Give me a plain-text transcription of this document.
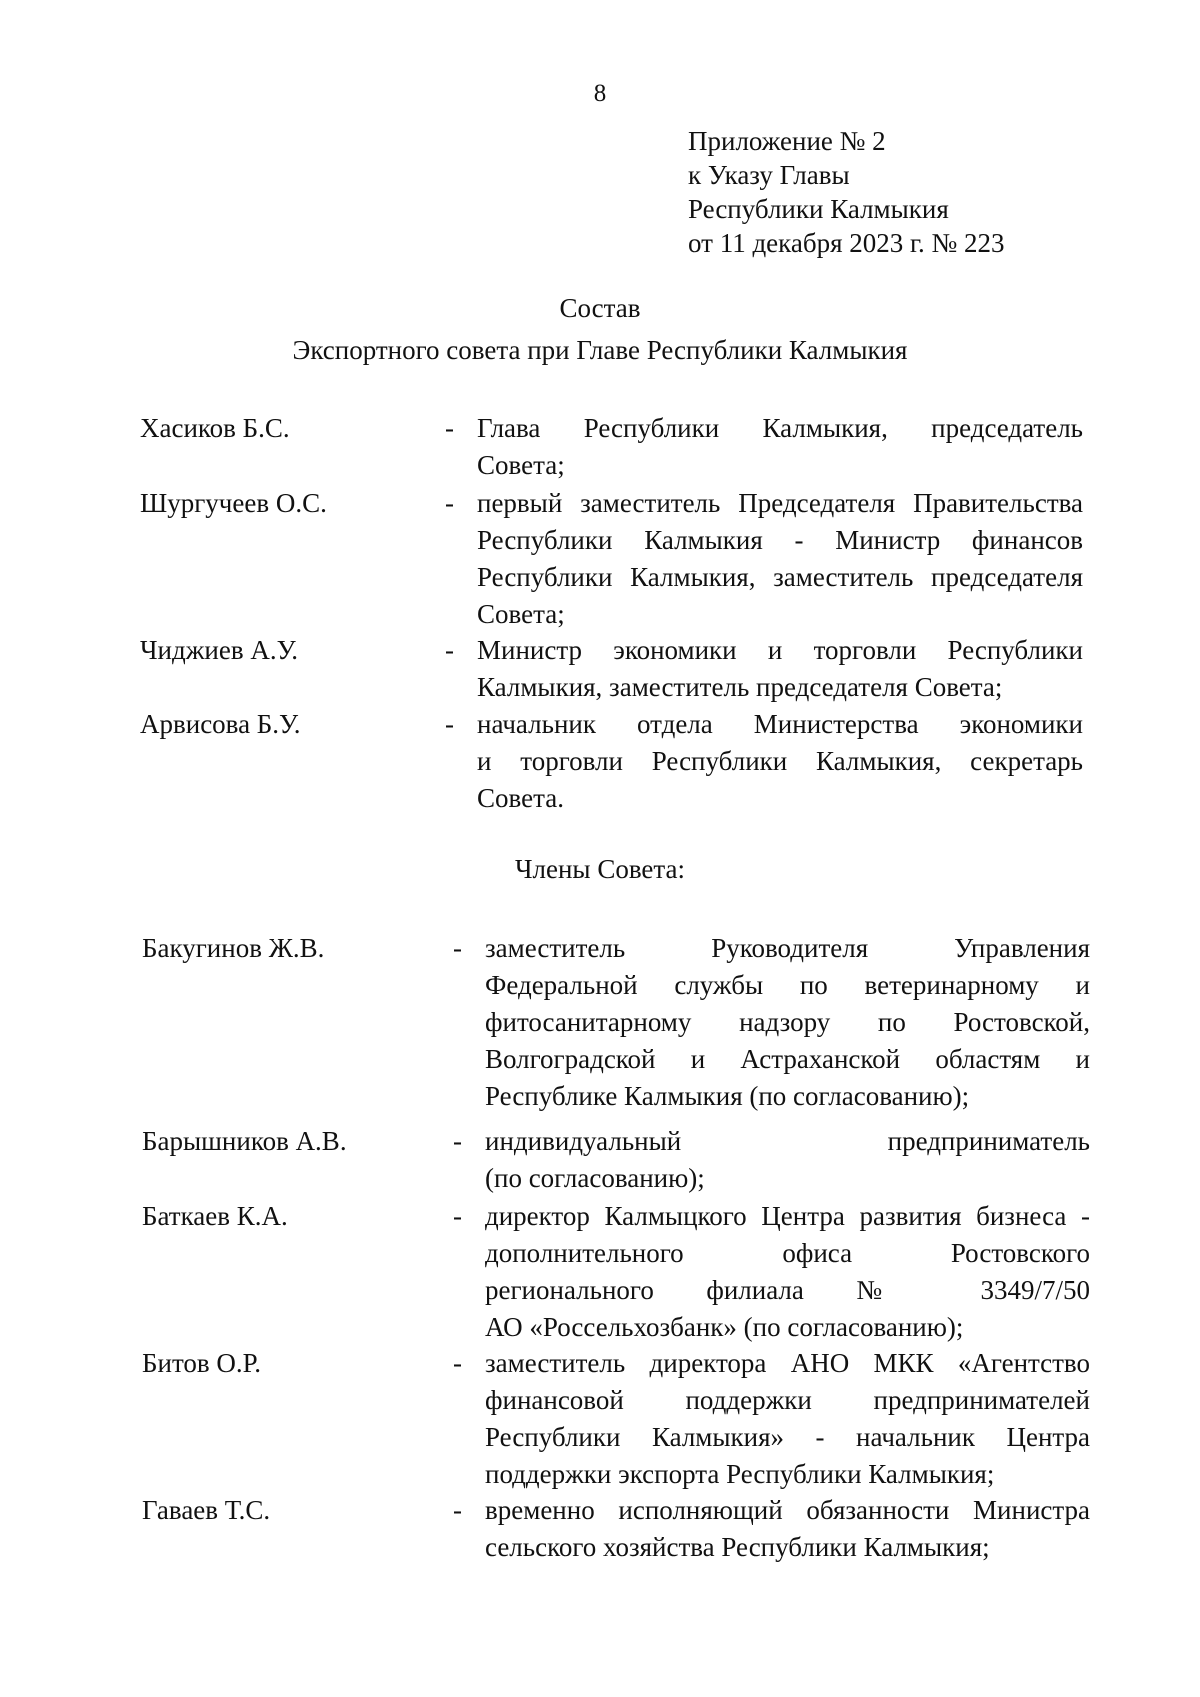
8
Приложение № 2
к Указу Главы
Республики Калмыкия
от 11 декабря 2023 г. № 223
Состав
Экспортного совета при Главе Республики Калмыкия
Хасиков Б.С.	- Глава Республики Калмыкия, председатель
Совета;
Шургучеев О.С.	- первый заместитель Председателя Правительства
Республики Калмыкия - Министр финансов
Республики Калмыкия, заместитель председателя
Совета;
Чиджиев А.У.	- Министр экономики и торговли Республики
Калмыкия, заместитель председателя Совета;
Арвисова Б.У.	- начальник отдела Министерства экономики
и торговли Республики Калмыкия, секретарь
Совета.
Члены Совета:
Бакугинов Ж.В.	- заместитель Руководителя Управления
Федеральной службы по ветеринарному и
фитосанитарному надзору по Ростовской,
Волгоградской и Астраханской областям и
Республике Калмыкия (по согласованию);
Барышников А.В.	- индивидуальный предприниматель
(по согласованию);
Баткаев К.А.	- директор Калмыцкого Центра развития бизнеса -
дополнительного офиса Ростовского
регионального филиала № 3349/7/50
АО «Россельхозбанк» (по согласованию);
Битов О.Р.	- заместитель директора АНО МКК «Агентство
финансовой поддержки предпринимателей
Республики Калмыкия» - начальник Центра
поддержки экспорта Республики Калмыкия;
Гаваев Т.С.	- временно исполняющий обязанности Министра
сельского хозяйства Республики Калмыкия;
